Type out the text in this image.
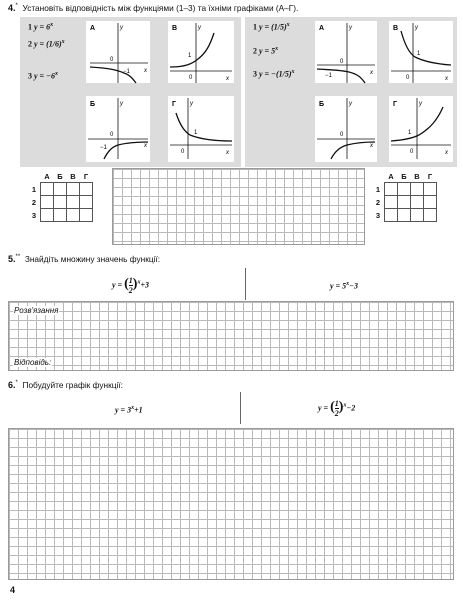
4.* Установіть відповідність між функціями (1–3) та їхніми графіками (А–Г).
1 $y = 6^x$
2 $y = (1/6)^x$
3 $y = -6^x$
А	y
x
0
−1
В	y
x
0
1
Б	y
x
0
−1
Г y
x
0
1
1 $y = (1/5)^x$
2 $y = 5^x$
3 $y = -(1/5)^x$
А	y
x
0
−1
В	y
x
0
1
Б	y
x
0
Г	y
x
0
1
	А	Б	В	Г
1				
2				
3				
	А	Б	В	Г
1				
2				
3				
5.** Знайдіть множину значень функції:
y = ( $\frac{1}{2} )^x+3$	$y = 5^x-3$
Розв'язання
Відповідь:
6.* Побудуйте графік функції:
$y = 3^x+1$	y = ( $\frac{1}{2} )^x-2$
4
